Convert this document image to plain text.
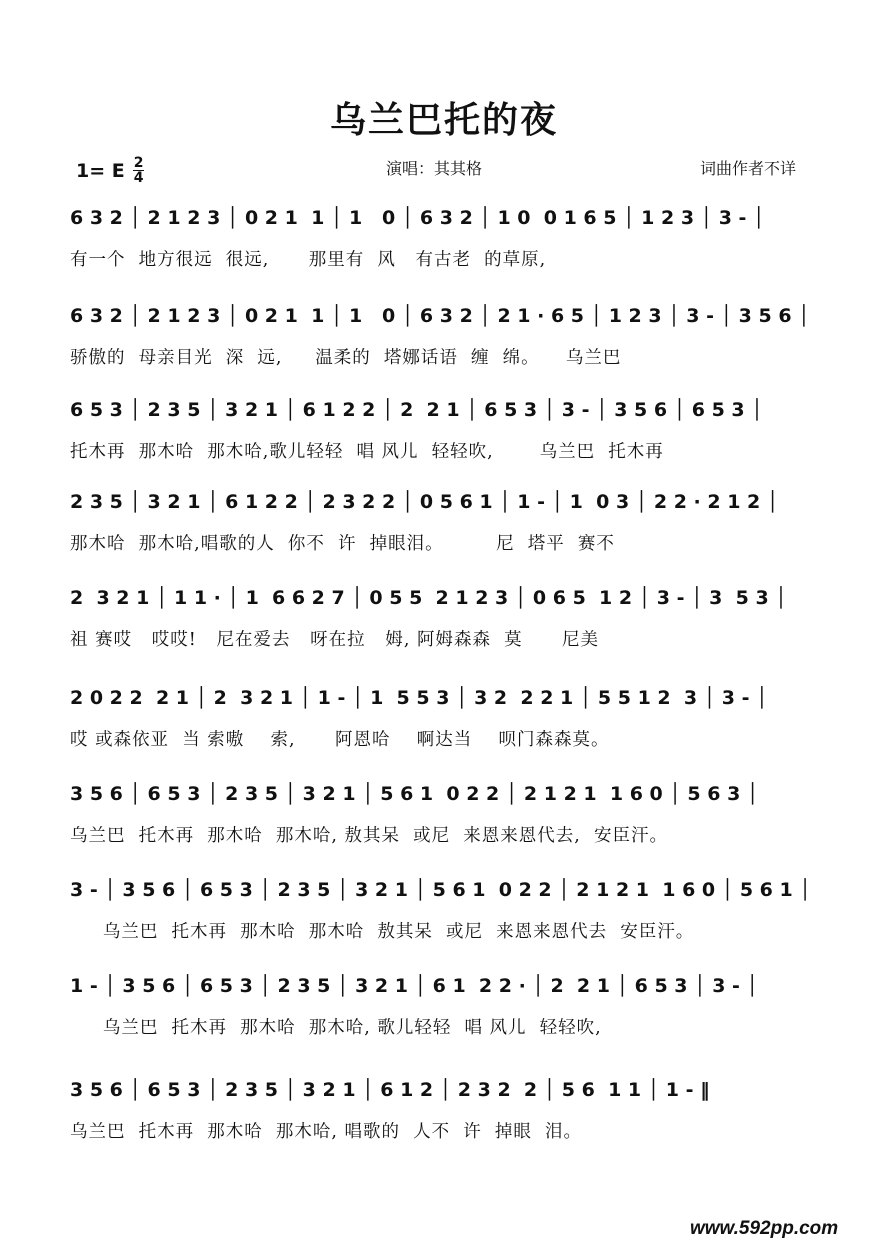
乌兰巴托的夜
1= E $\frac{2}{4}$	演唱：其其格	词曲作者不详
6 3 2 │ 2 1 2 3 │ 0 2 1  1 │ 1   0 │ 6 3 2 │ 1 0  0 1 6 5 │ 1 2 3 │ 3 - │
有一个  地方很远  很远,      那里有  风   有古老  的草原,
6 3 2 │ 2 1 2 3 │ 0 2 1  1 │ 1   0 │ 6 3 2 │ 2 1 · 6 5 │ 1 2 3 │ 3 - │ 3 5 6 │
骄傲的  母亲目光  深  远,     温柔的  塔娜话语  缠  绵。    乌兰巴
6 5 3 │ 2 3 5 │ 3 2 1 │ 6 1 2 2 │ 2  2 1 │ 6 5 3 │ 3 - │ 3 5 6 │ 6 5 3 │
托木再  那木哈  那木哈,歌儿轻轻  唱 风儿  轻轻吹,       乌兰巴  托木再
2 3 5 │ 3 2 1 │ 6 1 2 2 │ 2 3 2 2 │ 0 5 6 1 │ 1 - │ 1  0 3 │ 2 2 · 2 1 2 │
那木哈  那木哈,唱歌的人  你不  许  掉眼泪。        尼  塔平  赛不
2  3 2 1 │ 1 1 · │ 1  6 6 2 7 │ 0 5 5  2 1 2 3 │ 0 6 5  1 2 │ 3 - │ 3  5 3 │
祖 赛哎   哎哎!   尼在爱去   呀在拉   姆, 阿姆森森  莫      尼美
2 0 2 2  2 1 │ 2  3 2 1 │ 1 - │ 1  5 5 3 │ 3 2  2 2 1 │ 5 5 1 2  3 │ 3 - │
哎 或森依亚  当 索嗷    索,      阿恩哈    啊达当    呗门森森莫。
3 5 6 │ 6 5 3 │ 2 3 5 │ 3 2 1 │ 5 6 1  0 2 2 │ 2 1 2 1  1 6 0 │ 5 6 3 │
乌兰巴  托木再  那木哈  那木哈, 敖其呆  或尼  来恩来恩代去,  安臣汗。
3 - │ 3 5 6 │ 6 5 3 │ 2 3 5 │ 3 2 1 │ 5 6 1  0 2 2 │ 2 1 2 1  1 6 0 │ 5 6 1 │
乌兰巴  托木再  那木哈  那木哈  敖其呆  或尼  来恩来恩代去  安臣汗。
1 - │ 3 5 6 │ 6 5 3 │ 2 3 5 │ 3 2 1 │ 6 1  2 2 · │ 2  2 1 │ 6 5 3 │ 3 - │
乌兰巴  托木再  那木哈  那木哈, 歌儿轻轻  唱 风儿  轻轻吹,
3 5 6 │ 6 5 3 │ 2 3 5 │ 3 2 1 │ 6 1 2 │ 2 3 2  2 │ 5 6  1 1 │ 1 - ‖
乌兰巴  托木再  那木哈  那木哈, 唱歌的  人不  许  掉眼  泪。
www.592pp.com
